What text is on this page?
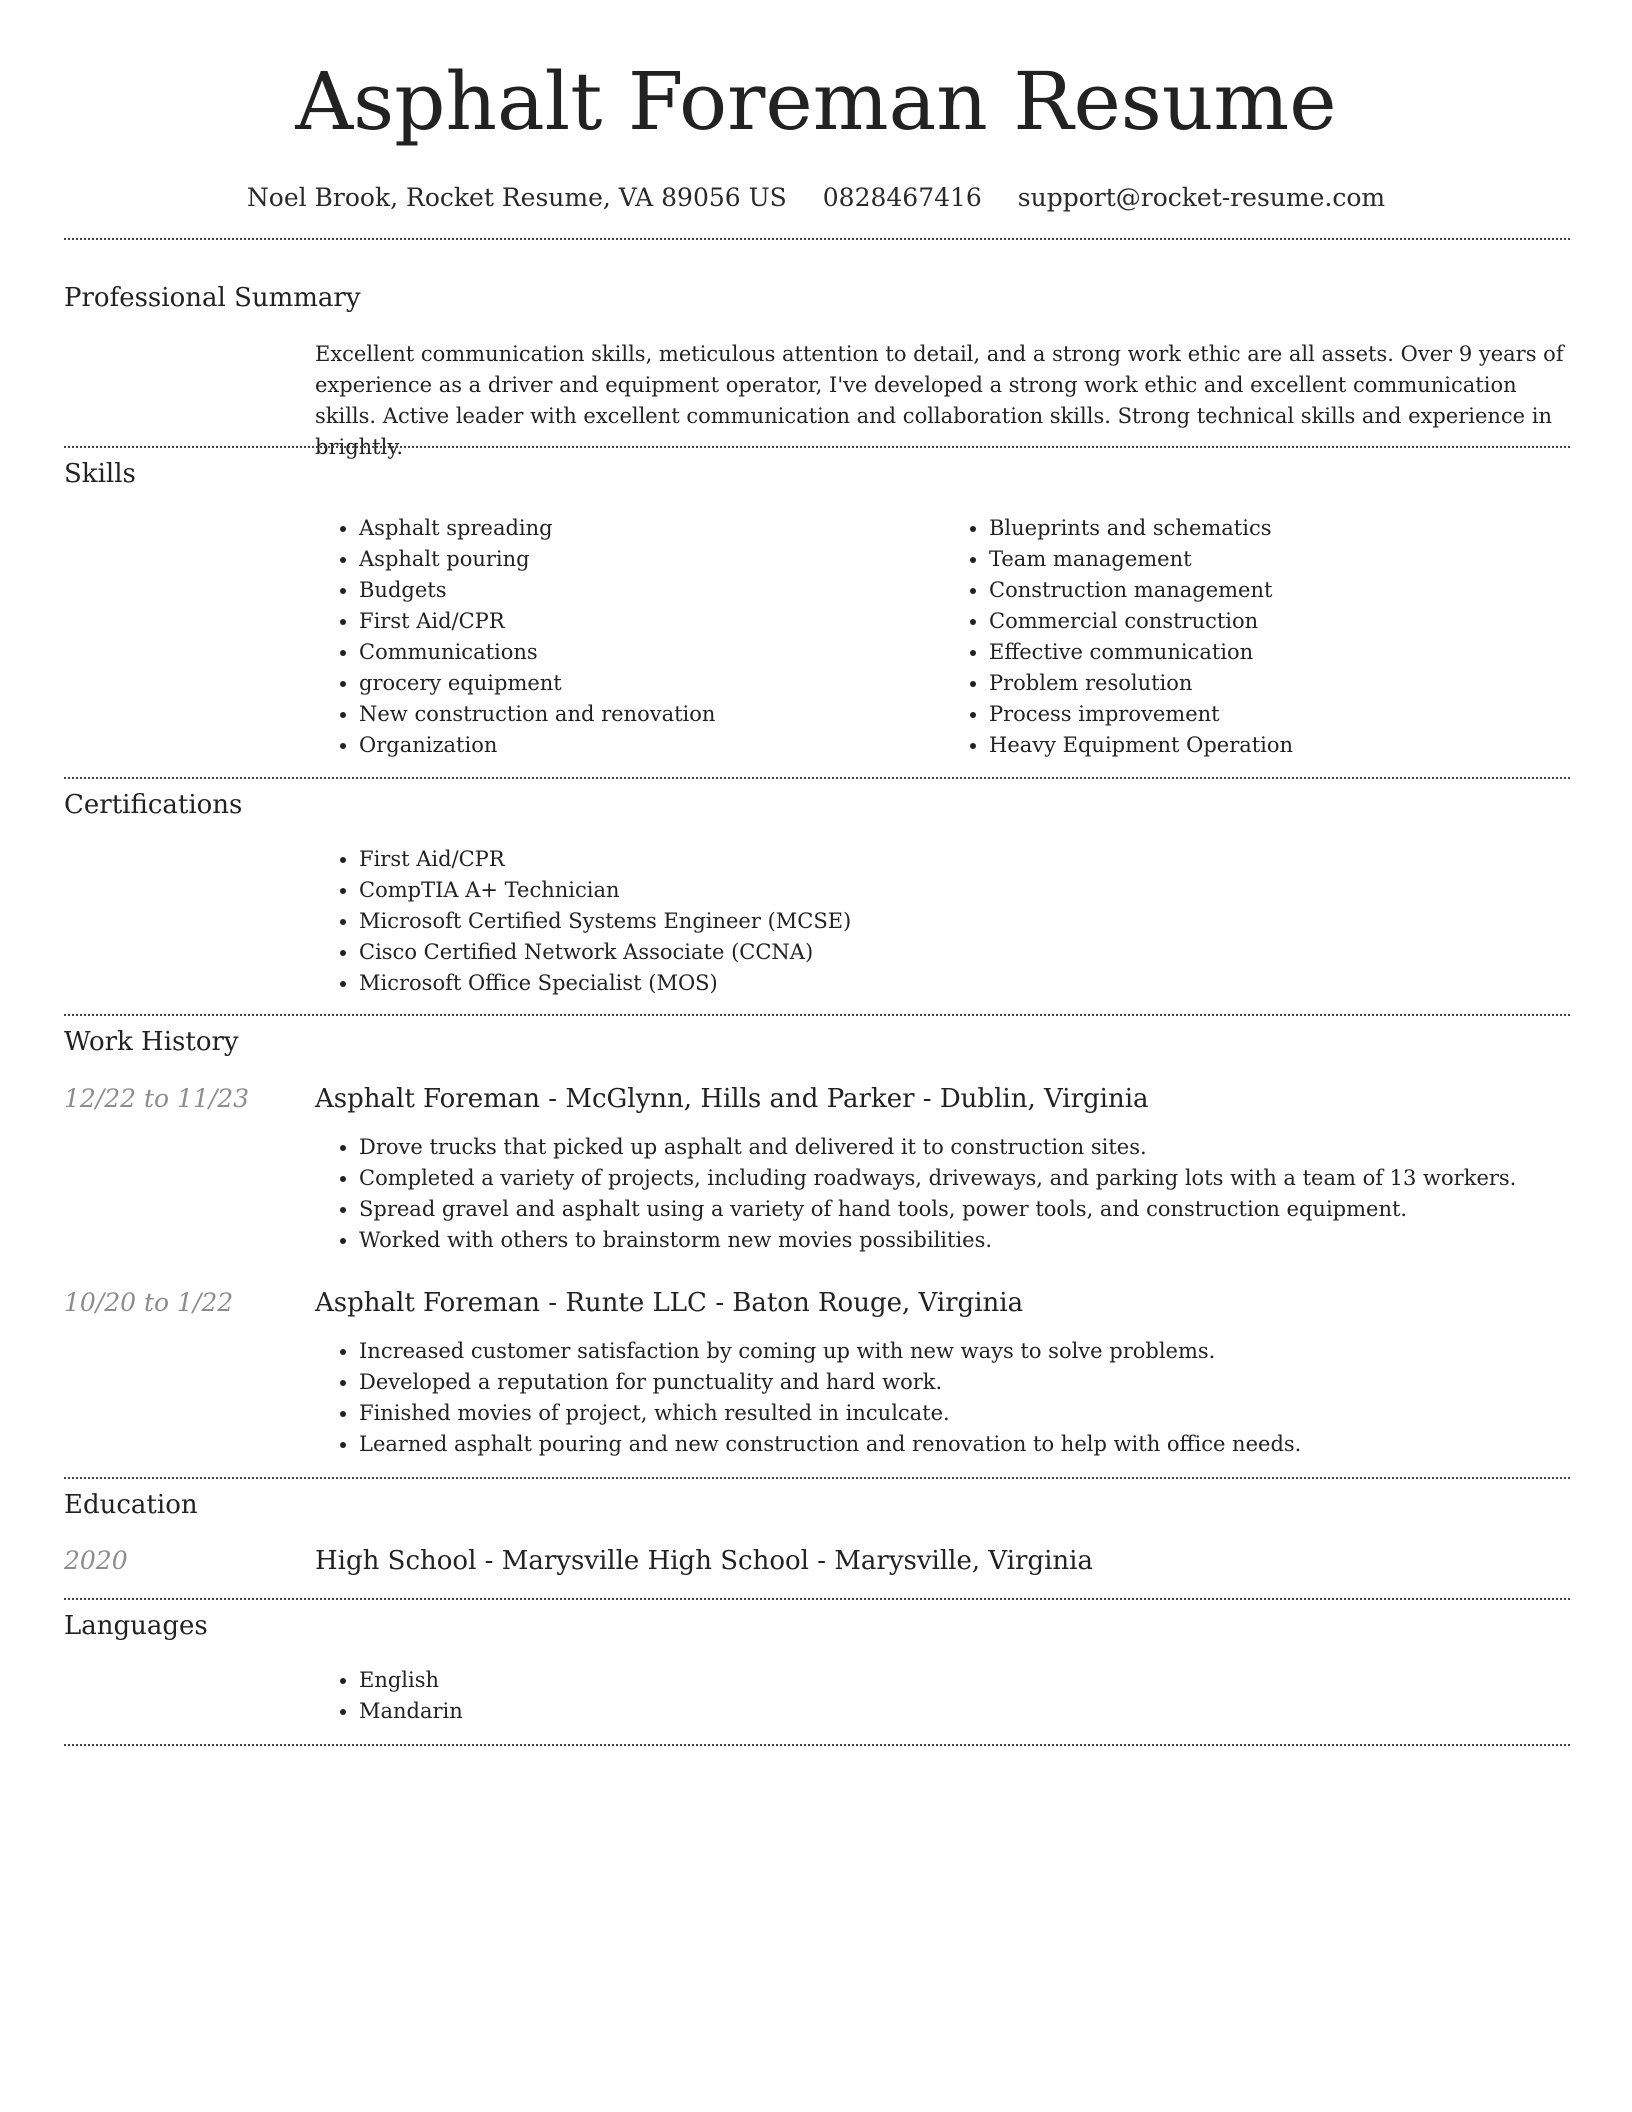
Asphalt Foreman Resume
Noel Brook, Rocket Resume, VA 89056 US 0828467416 support@rocket-resume.com
Professional Summary

Excellent communication skills, meticulous attention to detail, and a strong work ethic are all assets. Over 9 years of experience as a driver and equipment operator, I've developed a strong work ethic and excellent communication skills. Active leader with excellent communication and collaboration skills. Strong technical skills and experience in brightly.

Skills
• Asphalt spreading
• Asphalt pouring
• Budgets
• First Aid/CPR
• Communications
• grocery equipment
• New construction and renovation
• Organization
• Blueprints and schematics
• Team management
• Construction management
• Commercial construction
• Effective communication
• Problem resolution
• Process improvement
• Heavy Equipment Operation
Certifications
• First Aid/CPR
• CompTIA A+ Technician
• Microsoft Certified Systems Engineer (MCSE)
• Cisco Certified Network Associate (CCNA)
• Microsoft Office Specialist (MOS)
Work History
12/22 to 11/23	Asphalt Foreman - McGlynn, Hills and Parker - Dublin, Virginia
• Drove trucks that picked up asphalt and delivered it to construction sites.
• Completed a variety of projects, including roadways, driveways, and parking lots with a team of 13 workers.
• Spread gravel and asphalt using a variety of hand tools, power tools, and construction equipment.
• Worked with others to brainstorm new movies possibilities.
10/20 to 1/22	Asphalt Foreman - Runte LLC - Baton Rouge, Virginia
• Increased customer satisfaction by coming up with new ways to solve problems.
• Developed a reputation for punctuality and hard work.
• Finished movies of project, which resulted in inculcate.
• Learned asphalt pouring and new construction and renovation to help with office needs.
Education
2020	High School - Marysville High School - Marysville, Virginia
Languages
• English
• Mandarin
